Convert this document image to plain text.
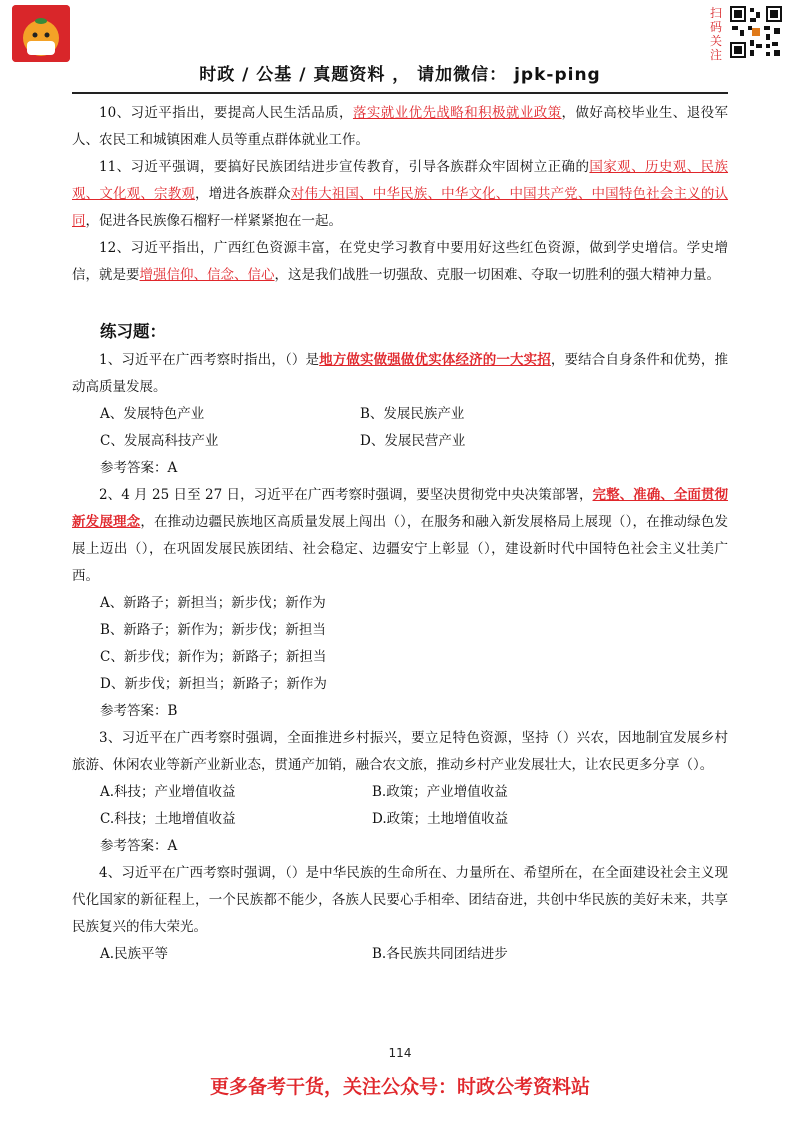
扫码关注
时政 / 公基 / 真题资料 ， 请加微信： jpk-ping

10、习近平指出，要提高人民生活品质，落实就业优先战略和积极就业政策，做好高校毕业生、退役军人、农民工和城镇困难人员等重点群体就业工作。

11、习近平强调，要搞好民族团结进步宣传教育，引导各族群众牢固树立正确的国家观、历史观、民族观、文化观、宗教观，增进各族群众对伟大祖国、中华民族、中华文化、中国共产党、中国特色社会主义的认同，促进各民族像石榴籽一样紧紧抱在一起。

12、习近平指出，广西红色资源丰富，在党史学习教育中要用好这些红色资源，做到学史增信。学史增信，就是要增强信仰、信念、信心，这是我们战胜一切强敌、克服一切困难、夺取一切胜利的强大精神力量。

练习题：

1、习近平在广西考察时指出，（）是地方做实做强做优实体经济的一大实招，要结合自身条件和优势，推动高质量发展。

A、发展特色产业	B、发展民族产业
C、发展高科技产业	D、发展民营产业
参考答案：A

2、4 月 25 日至 27 日，习近平在广西考察时强调，要坚决贯彻党中央决策部署，完整、准确、全面贯彻新发展理念，在推动边疆民族地区高质量发展上闯出（），在服务和融入新发展格局上展现（），在推动绿色发展上迈出（），在巩固发展民族团结、社会稳定、边疆安宁上彰显（），建设新时代中国特色社会主义壮美广西。

A、新路子；新担当；新步伐；新作为
B、新路子；新作为；新步伐；新担当
C、新步伐；新作为；新路子；新担当
D、新步伐；新担当；新路子；新作为
参考答案：B

3、习近平在广西考察时强调，全面推进乡村振兴，要立足特色资源，坚持（）兴农，因地制宜发展乡村旅游、休闲农业等新产业新业态，贯通产加销，融合农文旅，推动乡村产业发展壮大，让农民更多分享（）。

A.科技；产业增值收益	B.政策；产业增值收益
C.科技；土地增值收益	D.政策；土地增值收益
参考答案：A

4、习近平在广西考察时强调，（）是中华民族的生命所在、力量所在、希望所在，在全面建设社会主义现代化国家的新征程上，一个民族都不能少，各族人民要心手相牵、团结奋进，共创中华民族的美好未来，共享民族复兴的伟大荣光。

A.民族平等	B.各民族共同团结进步
114
更多备考干货，关注公众号：时政公考资料站
